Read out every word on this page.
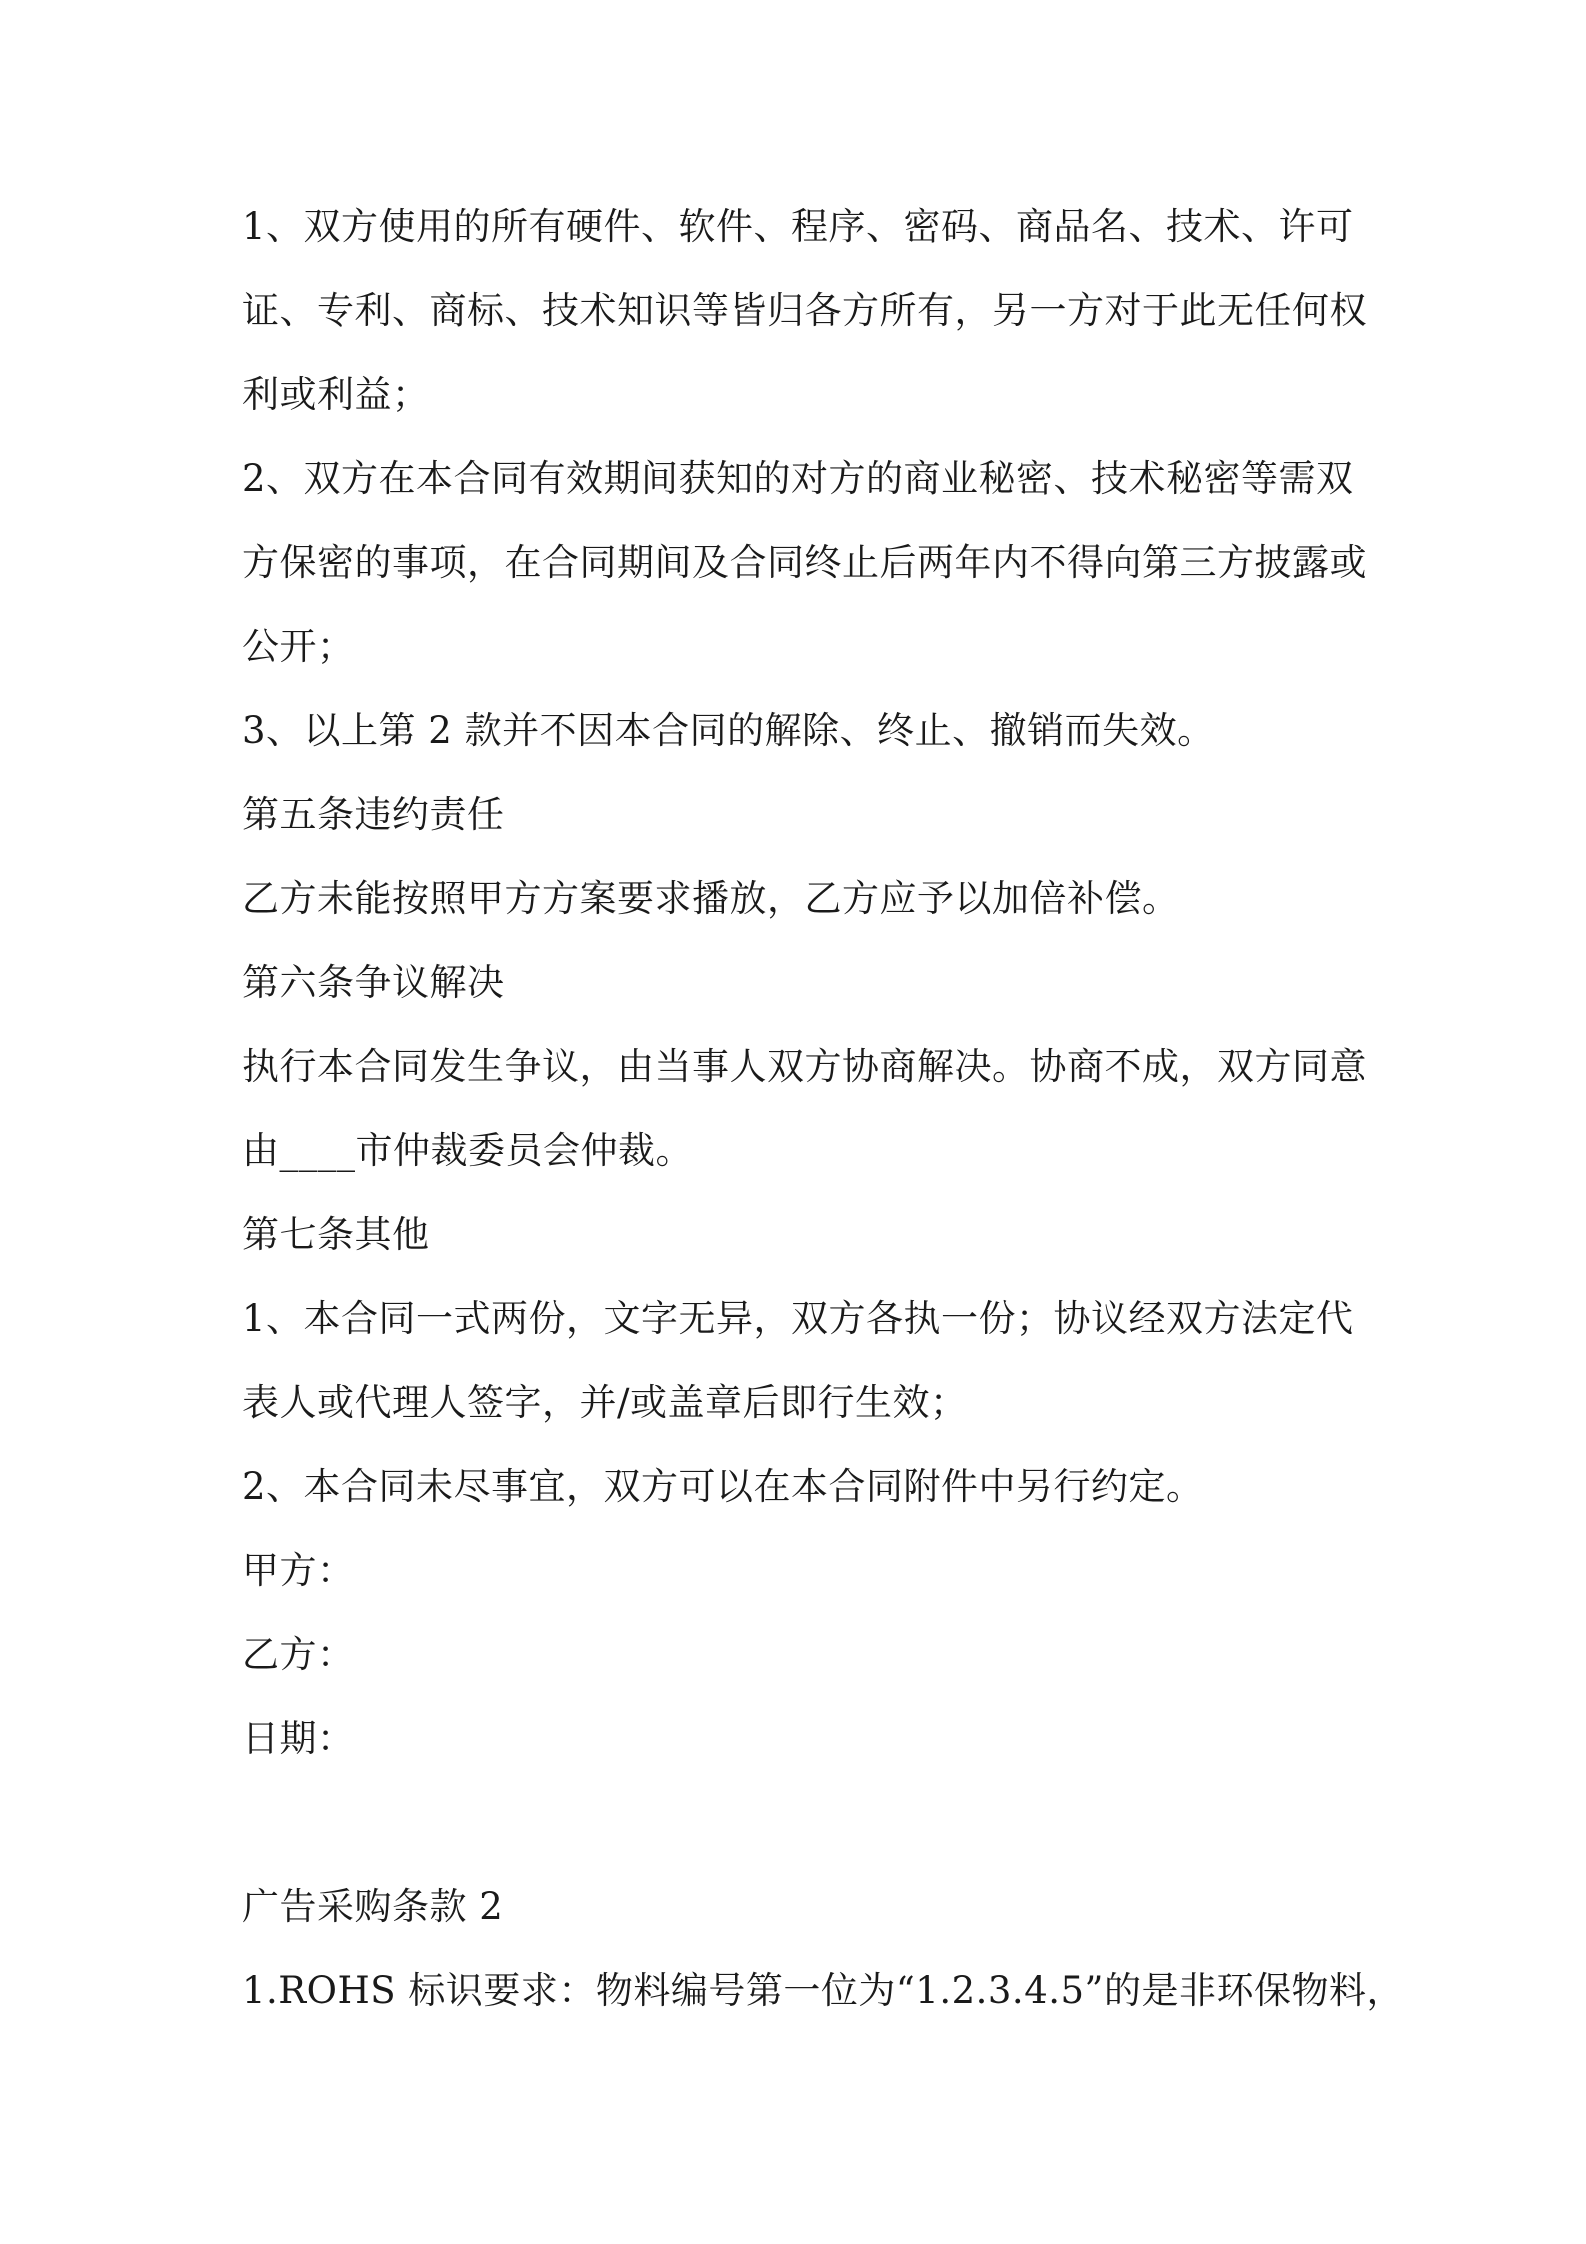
1、双方使用的所有硬件、软件、程序、密码、商品名、技术、许可

证、专利、商标、技术知识等皆归各方所有，另一方对于此无任何权

利或利益；

2、双方在本合同有效期间获知的对方的商业秘密、技术秘密等需双

方保密的事项，在合同期间及合同终止后两年内不得向第三方披露或

公开；

3、以上第 2 款并不因本合同的解除、终止、撤销而失效。

第五条违约责任

乙方未能按照甲方方案要求播放，乙方应予以加倍补偿。

第六条争议解决

执行本合同发生争议，由当事人双方协商解决。协商不成，双方同意

由____市仲裁委员会仲裁。

第七条其他

1、本合同一式两份，文字无异，双方各执一份；协议经双方法定代

表人或代理人签字，并/或盖章后即行生效；

2、本合同未尽事宜，双方可以在本合同附件中另行约定。

甲方：

乙方：

日期：

广告采购条款 2

1.ROHS 标识要求：物料编号第一位为“1.2.3.4.5”的是非环保物料，
